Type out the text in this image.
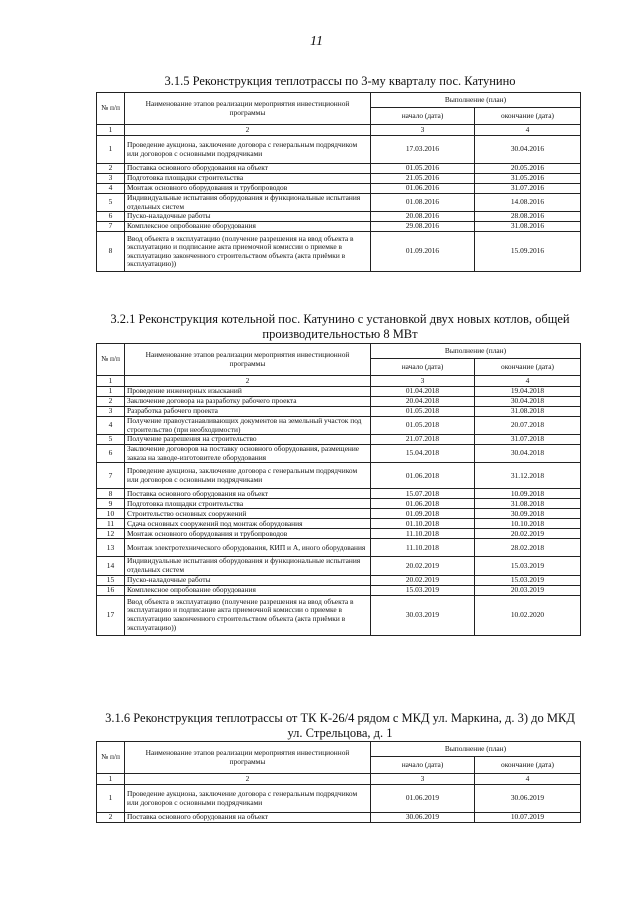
11
3.1.5 Реконструкция теплотрассы по 3-му кварталу пос. Катунино
№ п/п	Наименование этапов реализации мероприятия инвестиционной программы	Выполнение (план)	
		начало (дата)	окончание (дата)
1	2	3	4
1	Проведение аукциона, заключение договора с генеральным подрядчиком или договоров с основными подрядчиками	17.03.2016	30.04.2016
2	Поставка основного оборудования на объект	01.05.2016	20.05.2016
3	Подготовка площадки строительства	21.05.2016	31.05.2016
4	Монтаж основного оборудования и трубопроводов	01.06.2016	31.07.2016
5	Индивидуальные испытания оборудования и функциональные испытания отдельных систем	01.08.2016	14.08.2016
6	Пуско-наладочные работы	20.08.2016	28.08.2016
7	Комплексное опробование оборудования	29.08.2016	31.08.2016
8	Ввод объекта в эксплуатацию (получение разрешения на ввод объекта в эксплуатацию и подписание акта приемочной комиссии о приемке в эксплуатацию законченного строительством объекта (акта приёмки в эксплуатацию))	01.09.2016	15.09.2016
3.2.1 Реконструкция котельной пос. Катунино с установкой двух новых котлов, общей производительностью 8 МВт
№ п/п	Наименование этапов реализации мероприятия инвестиционной программы	Выполнение (план)	
		начало (дата)	окончание (дата)
1	2	3	4
1	Проведение инженерных изысканий	01.04.2018	19.04.2018
2	Заключение договора на разработку рабочего проекта	20.04.2018	30.04.2018
3	Разработка рабочего проекта	01.05.2018	31.08.2018
4	Получение правоустанавливающих документов на земельный участок под строительство (при необходимости)	01.05.2018	20.07.2018
5	Получение разрешения на строительство	21.07.2018	31.07.2018
6	Заключение договоров на поставку основного оборудования, размещение заказа на заводе-изготовителе оборудования	15.04.2018	30.04.2018
7	Проведение аукциона, заключение договора с генеральным подрядчиком или договоров с основными подрядчиками	01.06.2018	31.12.2018
8	Поставка основного оборудования на объект	15.07.2018	10.09.2018
9	Подготовка площадки строительства	01.06.2018	31.08.2018
10	Строительство основных сооружений	01.09.2018	30.09.2018
11	Сдача основных сооружений под монтаж оборудования	01.10.2018	10.10.2018
12	Монтаж основного оборудования и трубопроводов	11.10.2018	20.02.2019
13	Монтаж электротехнического оборудования, КИП и А, иного оборудования	11.10.2018	28.02.2018
14	Индивидуальные испытания оборудования и функциональные испытания отдельных систем	20.02.2019	15.03.2019
15	Пуско-наладочные работы	20.02.2019	15.03.2019
16	Комплексное опробование оборудования	15.03.2019	20.03.2019
17	Ввод объекта в эксплуатацию (получение разрешения на ввод объекта в эксплуатацию и подписание акта приемочной комиссии о приемке в эксплуатацию законченного строительством объекта (акта приёмки в эксплуатацию))	30.03.2019	10.02.2020
3.1.6 Реконструкция теплотрассы от ТК К-26/4 рядом с МКД ул. Маркина, д. 3) до МКД ул. Стрельцова, д. 1
№ п/п	Наименование этапов реализации мероприятия инвестиционной программы	Выполнение (план)	
		начало (дата)	окончание (дата)
1	2	3	4
1	Проведение аукциона, заключение договора с генеральным подрядчиком или договоров с основными подрядчиками	01.06.2019	30.06.2019
2	Поставка основного оборудования на объект	30.06.2019	10.07.2019
